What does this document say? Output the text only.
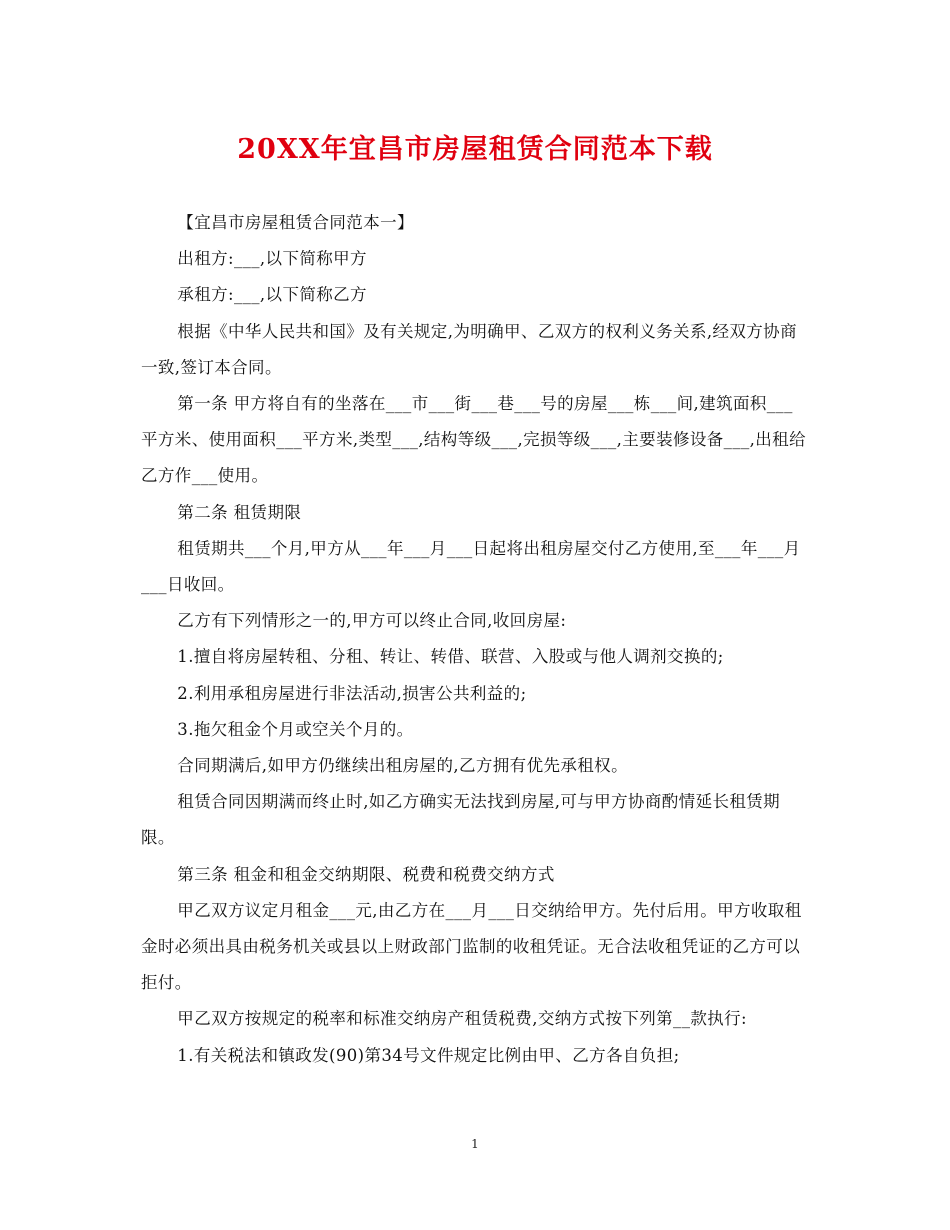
20XX年宜昌市房屋租赁合同范本下载

【宜昌市房屋租赁合同范本一】

出租方:___,以下简称甲方

承租方:___,以下简称乙方

根据《中华人民共和国》及有关规定,为明确甲、乙双方的权利义务关系,经双方协商一致,签订本合同。

第一条 甲方将自有的坐落在___市___街___巷___号的房屋___栋___间,建筑面积___平方米、使用面积___平方米,类型___,结构等级___,完损等级___,主要装修设备___,出租给乙方作___使用。

第二条 租赁期限

租赁期共___个月,甲方从___年___月___日起将出租房屋交付乙方使用,至___年___月___日收回。

乙方有下列情形之一的,甲方可以终止合同,收回房屋:

1.擅自将房屋转租、分租、转让、转借、联营、入股或与他人调剂交换的;

2.利用承租房屋进行非法活动,损害公共利益的;

3.拖欠租金个月或空关个月的。

合同期满后,如甲方仍继续出租房屋的,乙方拥有优先承租权。

租赁合同因期满而终止时,如乙方确实无法找到房屋,可与甲方协商酌情延长租赁期限。

第三条 租金和租金交纳期限、税费和税费交纳方式

甲乙双方议定月租金___元,由乙方在___月___日交纳给甲方。先付后用。甲方收取租金时必须出具由税务机关或县以上财政部门监制的收租凭证。无合法收租凭证的乙方可以拒付。

甲乙双方按规定的税率和标准交纳房产租赁税费,交纳方式按下列第__款执行:

1.有关税法和镇政发(90)第34号文件规定比例由甲、乙方各自负担;

1
